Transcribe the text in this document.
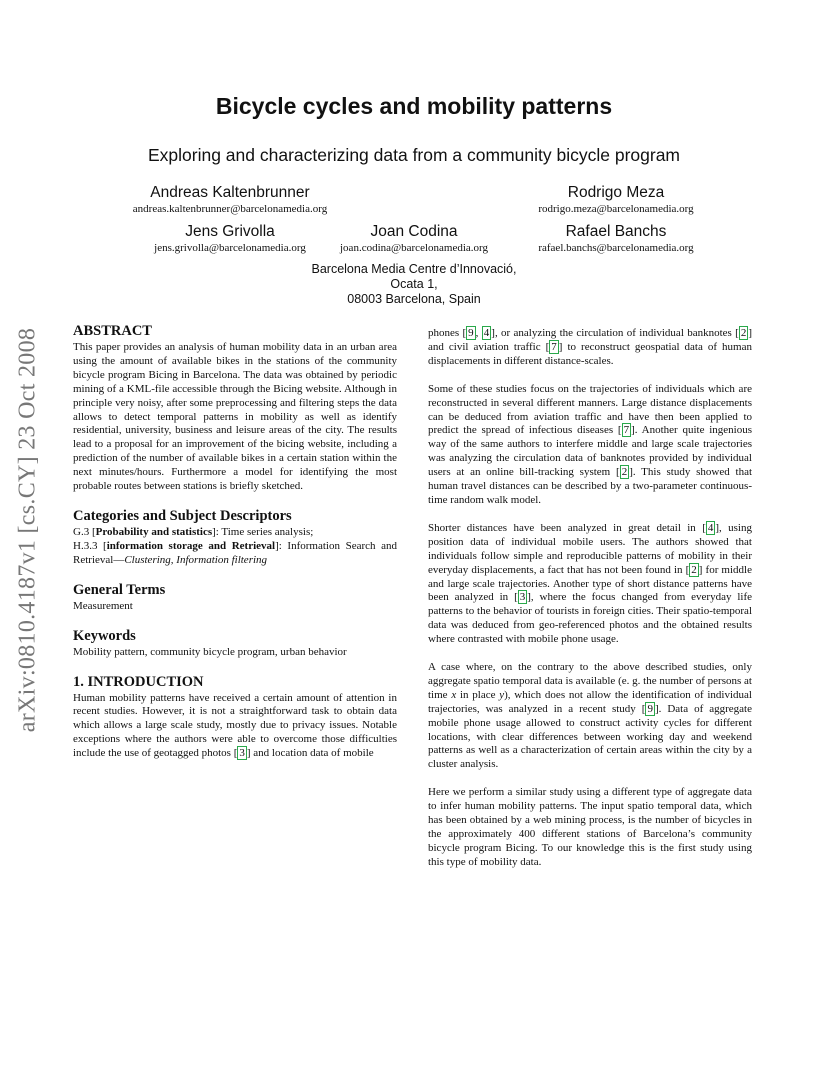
arXiv:0810.4187v1 [cs.CY] 23 Oct 2008
Bicycle cycles and mobility patterns
Exploring and characterizing data from a community bicycle program
Andreas Kaltenbrunner
andreas.kaltenbrunner@barcelonamedia.org
Rodrigo Meza
rodrigo.meza@barcelonamedia.org
Jens Grivolla
jens.grivolla@barcelonamedia.org
Joan Codina
joan.codina@barcelonamedia.org
Rafael Banchs
rafael.banchs@barcelonamedia.org
Barcelona Media Centre d’Innovació,
Ocata 1,
08003 Barcelona, Spain
ABSTRACT

This paper provides an analysis of human mobility data in an urban area using the amount of available bikes in the stations of the community bicycle program Bicing in Barcelona. The data was obtained by periodic mining of a KML-file accessible through the Bicing website. Although in principle very noisy, after some preprocessing and filtering steps the data allows to detect temporal patterns in mobility as well as identify residential, university, business and leisure areas of the city. The results lead to a proposal for an improvement of the bicing website, including a prediction of the number of available bikes in a certain station within the next minutes/hours. Furthermore a model for identifying the most probable routes between stations is briefly sketched.

Categories and Subject Descriptors

G.3 [Probability and statistics]: Time series analysis;
H.3.3 [information storage and Retrieval]: Information Search and Retrieval—Clustering, Information filtering

General Terms

Measurement

Keywords

Mobility pattern, community bicycle program, urban behavior

1. INTRODUCTION

Human mobility patterns have received a certain amount of attention in recent studies. However, it is not a straightforward task to obtain data which allows a large scale study, mostly due to privacy issues. Notable exceptions where the authors were able to overcome those difficulties include the use of geotagged photos [ 3 ] and location data of mobile

phones [ 9 , 4 ], or analyzing the circulation of individual banknotes [ 2 ] and civil aviation traffic [ 7 ] to reconstruct geospatial data of human displacements in different distance-scales.

Some of these studies focus on the trajectories of individuals which are reconstructed in several different manners. Large distance displacements can be deduced from aviation traffic and have then been applied to predict the spread of infectious diseases [ 7 ]. Another quite ingenious way of the same authors to interfere middle and large scale trajectories was analyzing the circulation data of banknotes provided by individual users at an online bill-tracking system [ 2 ]. This study showed that human travel distances can be described by a two-parameter continuous-time random walk model.

Shorter distances have been analyzed in great detail in [ 4 ], using position data of individual mobile users. The authors showed that individuals follow simple and reproducible patterns of mobility in their everyday displacements, a fact that has not been found in [ 2 ] for middle and large scale trajectories. Another type of short distance patterns have been analyzed in [ 3 ], where the focus changed from everyday life patterns to the behavior of tourists in foreign cities. Their spatio-temporal data was deduced from geo-referenced photos and the obtained results where contrasted with mobile phone usage.

A case where, on the contrary to the above described studies, only aggregate spatio temporal data is available (e. g. the number of persons at time x in place y), which does not allow the identification of individual trajectories, was analyzed in a recent study [ 9 ]. Data of aggregate mobile phone usage allowed to construct activity cycles for different locations, with clear differences between working day and weekend patterns as well as a characterization of certain areas within the city by a cluster analysis.

Here we perform a similar study using a different type of aggregate data to infer human mobility patterns. The input spatio temporal data, which has been obtained by a web mining process, is the number of bicycles in the approximately 400 different stations of Barcelona’s community bicycle program Bicing. To our knowledge this is the first study using this type of mobility data.
